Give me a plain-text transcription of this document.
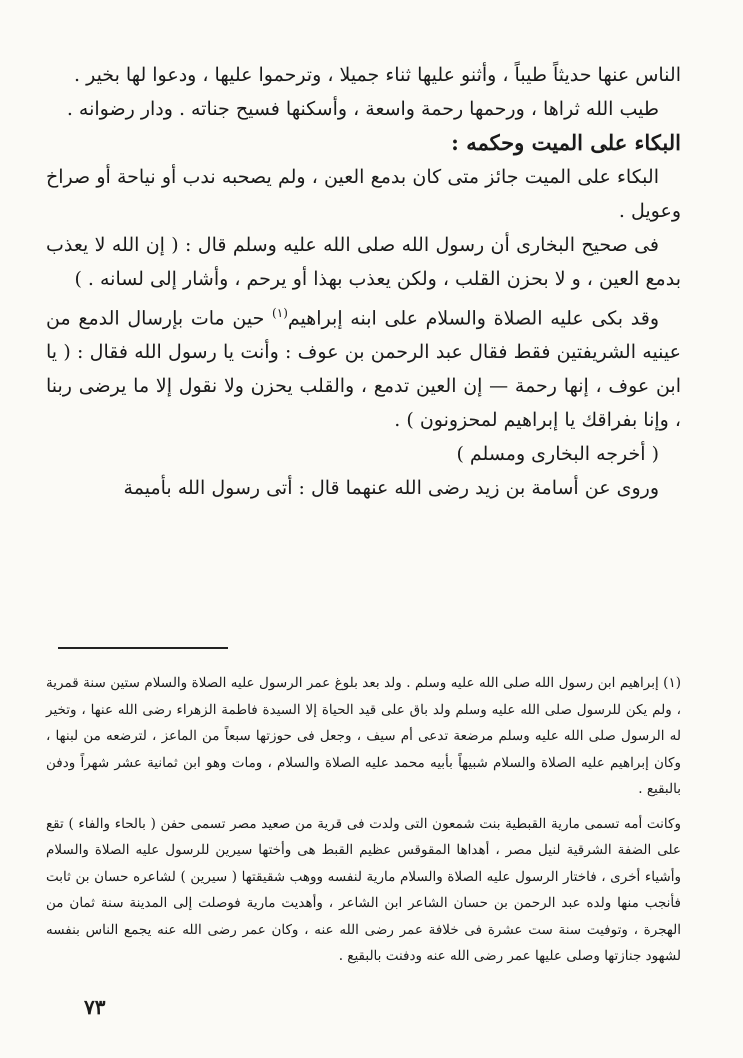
الناس عنها حديثاً طيباً ، وأثنو عليها ثناء جميلا ، وترحموا عليها ، ودعوا لها بخير .

طيب الله ثراها ، ورحمها رحمة واسعة ، وأسكنها فسيح جناته . ودار رضوانه .

البكاء على الميت وحكمه :

البكاء على الميت جائز متى كان بدمع العين ، ولم يصحبه ندب أو نياحة أو صراخ وعويل .

فى صحيح البخارى أن رسول الله صلى الله عليه وسلم قال : ( إن الله لا يعذب بدمع العين ، و لا بحزن القلب ، ولكن يعذب بهذا أو يرحم ، وأشار إلى لسانه . )

وقد بكى عليه الصلاة والسلام على ابنه إبراهيم$^{(١)}$ حين مات بإرسال الدمع من عينيه الشريفتين فقط فقال عبد الرحمن بن عوف : وأنت يا رسول الله فقال : ( يا ابن عوف ، إنها رحمة — إن العين تدمع ، والقلب يحزن ولا نقول إلا ما يرضى ربنا ، وإنا بفراقك يا إبراهيم لمحزونون ) .

( أخرجه البخارى ومسلم )

وروى عن أسامة بن زيد رضى الله عنهما قال : أتى رسول الله بأميمة

(١) إبراهيم ابن رسول الله صلى الله عليه وسلم . ولد بعد بلوغ عمر الرسول عليه الصلاة والسلام ستين سنة قمرية ، ولم يكن للرسول صلى الله عليه وسلم ولد باق على قيد الحياة إلا السيدة فاطمة الزهراء رضى الله عنها ، وتخير له الرسول صلى الله عليه وسلم مرضعة تدعى أم سيف ، وجعل فى حوزتها سبعاً من الماعز ، لترضعه من لبنها ، وكان إبراهيم عليه الصلاة والسلام شبيهاً بأبيه محمد عليه الصلاة والسلام ، ومات وهو ابن ثمانية عشر شهراً ودفن بالبقيع .

وكانت أمه تسمى مارية القبطية بنت شمعون التى ولدت فى قرية من صعيد مصر تسمى حفن ( بالحاء والفاء ) تقع على الضفة الشرقية لنيل مصر ، أهداها المقوقس عظيم القبط هى وأختها سيرين للرسول عليه الصلاة والسلام وأشياء أخرى ، فاختار الرسول عليه الصلاة والسلام مارية لنفسه ووهب شقيقتها ( سيرين ) لشاعره حسان بن ثابت فأنجب منها ولده عبد الرحمن بن حسان الشاعر ابن الشاعر ، وأهديت مارية فوصلت إلى المدينة سنة ثمان من الهجرة ، وتوفيت سنة ست عشرة فى خلافة عمر رضى الله عنه ، وكان عمر رضى الله عنه يجمع الناس بنفسه لشهود جنازتها وصلى عليها عمر رضى الله عنه ودفنت بالبقيع .

٧٣
